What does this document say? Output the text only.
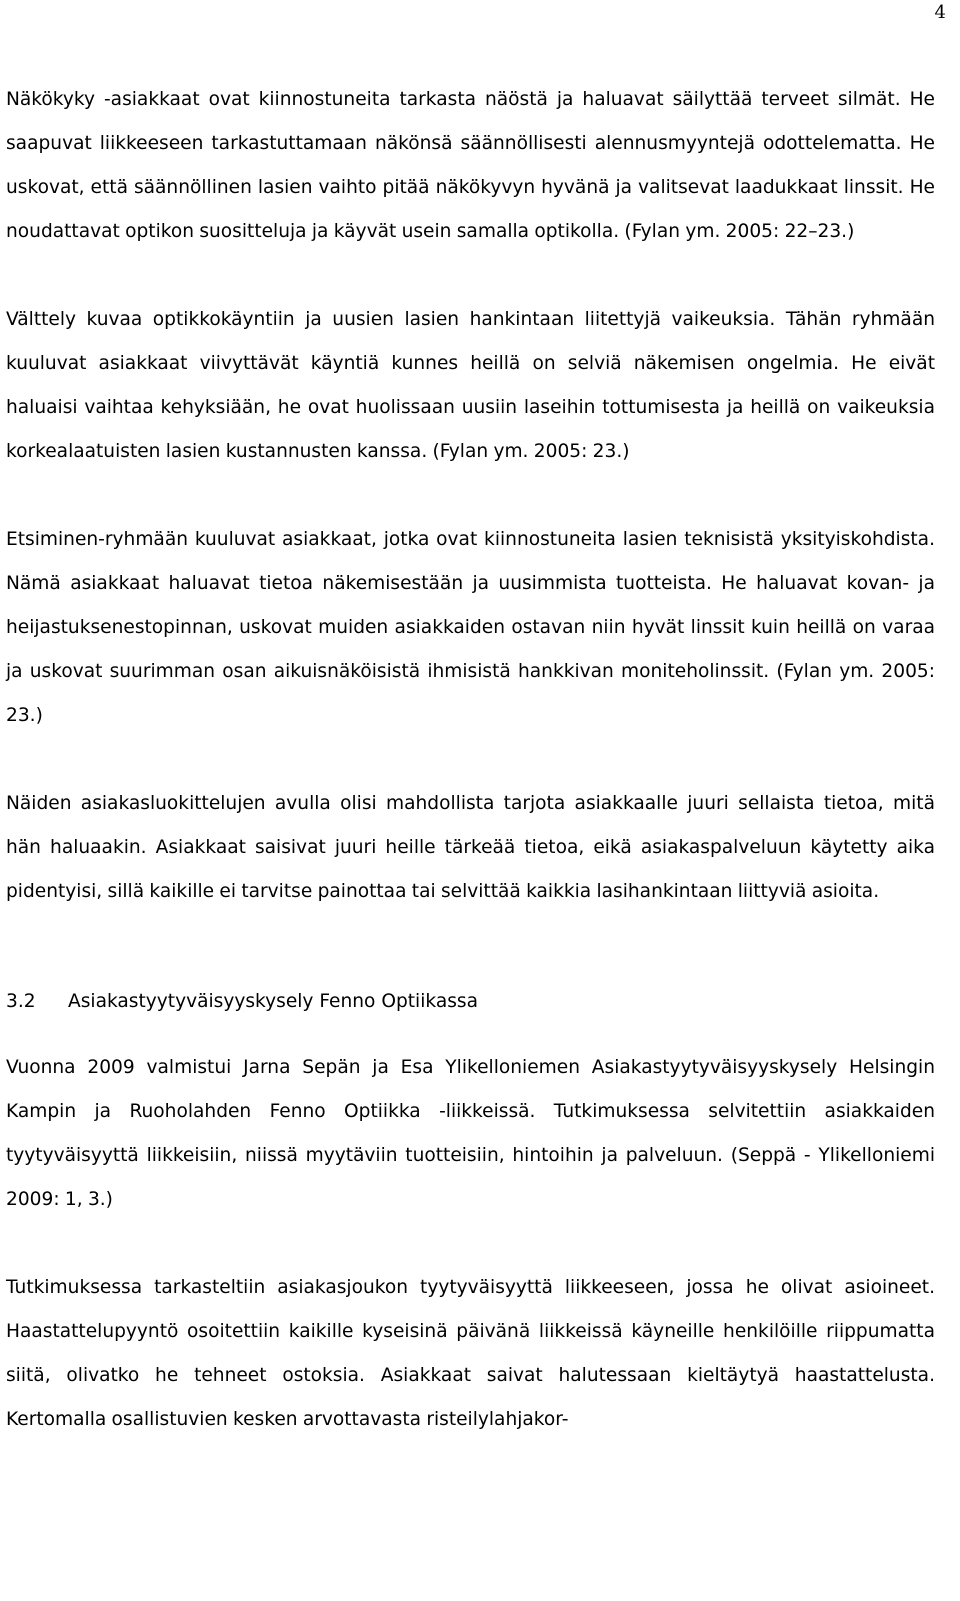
4

Näkökyky -asiakkaat ovat kiinnostuneita tarkasta näöstä ja haluavat säilyttää terveet silmät. He saapuvat liikkeeseen tarkastuttamaan näkönsä säännöllisesti alennusmyyntejä odottelematta. He uskovat, että säännöllinen lasien vaihto pitää näkökyvyn hyvänä ja valitsevat laadukkaat linssit. He noudattavat optikon suositteluja ja käyvät usein samalla optikolla. (Fylan ym. 2005: 22–23.)

Välttely kuvaa optikkokäyntiin ja uusien lasien hankintaan liitettyjä vaikeuksia. Tähän ryhmään kuuluvat asiakkaat viivyttävät käyntiä kunnes heillä on selviä näkemisen ongelmia. He eivät haluaisi vaihtaa kehyksiään, he ovat huolissaan uusiin laseihin tottumisesta ja heillä on vaikeuksia korkealaatuisten lasien kustannusten kanssa. (Fylan ym. 2005: 23.)

Etsiminen-ryhmään kuuluvat asiakkaat, jotka ovat kiinnostuneita lasien teknisistä yksityiskohdista. Nämä asiakkaat haluavat tietoa näkemisestään ja uusimmista tuotteista. He haluavat kovan- ja heijastuksenestopinnan, uskovat muiden asiakkaiden ostavan niin hyvät linssit kuin heillä on varaa ja uskovat suurimman osan aikuisnäköisistä ihmisistä hankkivan moniteholinssit. (Fylan ym. 2005: 23.)

Näiden asiakasluokittelujen avulla olisi mahdollista tarjota asiakkaalle juuri sellaista tietoa, mitä hän haluaakin. Asiakkaat saisivat juuri heille tärkeää tietoa, eikä asiakaspalveluun käytetty aika pidentyisi, sillä kaikille ei tarvitse painottaa tai selvittää kaikkia lasihankintaan liittyviä asioita.

3.2	Asiakastyytyväisyyskysely Fenno Optiikassa

Vuonna 2009 valmistui Jarna Sepän ja Esa Ylikelloniemen Asiakastyytyväisyyskysely Helsingin Kampin ja Ruoholahden Fenno Optiikka -liikkeissä. Tutkimuksessa selvitettiin asiakkaiden tyytyväisyyttä liikkeisiin, niissä myytäviin tuotteisiin, hintoihin ja palveluun. (Seppä - Ylikelloniemi 2009: 1, 3.)

Tutkimuksessa tarkasteltiin asiakasjoukon tyytyväisyyttä liikkeeseen, jossa he olivat asioineet. Haastattelupyyntö osoitettiin kaikille kyseisinä päivänä liikkeissä käyneille henkilöille riippumatta siitä, olivatko he tehneet ostoksia. Asiakkaat saivat halutessaan kieltäytyä haastattelusta. Kertomalla osallistuvien kesken arvottavasta risteilylahjakor-
